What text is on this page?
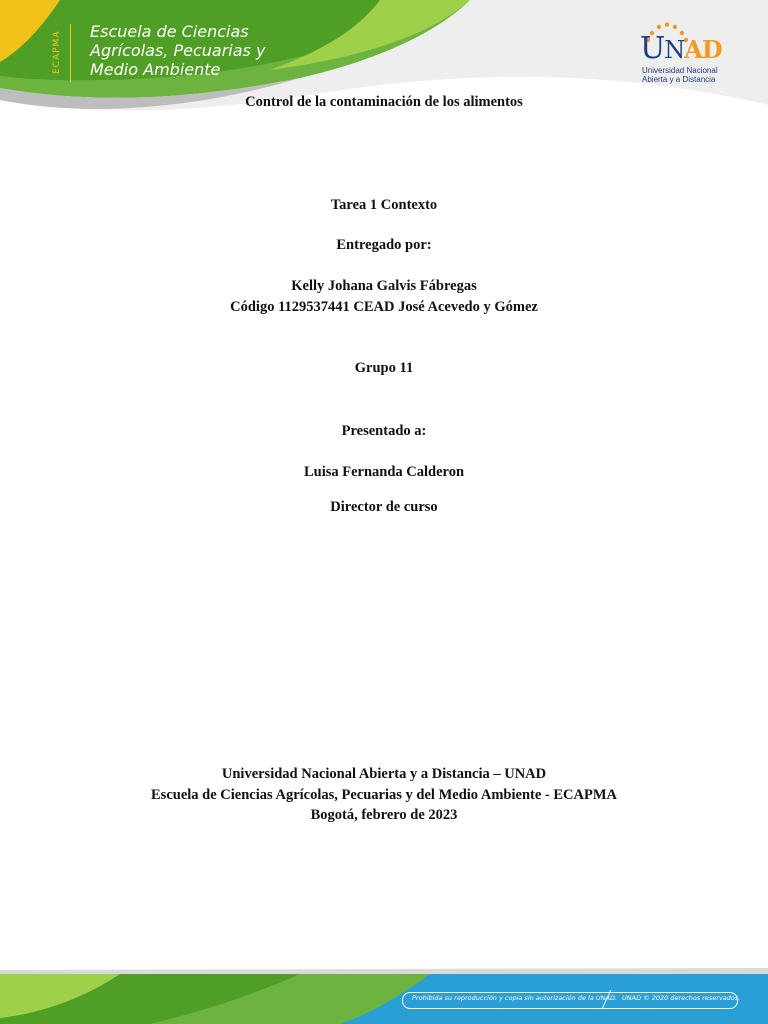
ECAPMA Escuela de Ciencias
Agrícolas, Pecuarias y
Medio Ambiente
UNAD
Universidad Nacional
Abierta y a Distancia
Control de la contaminación de los alimentos
Tarea 1 Contexto
Entregado por:
Kelly Johana Galvis Fábregas
Código 1129537441 CEAD José Acevedo y Gómez
Grupo 11
Presentado a:
Luisa Fernanda Calderon
Director de curso
Universidad Nacional Abierta y a Distancia – UNAD
Escuela de Ciencias Agrícolas, Pecuarias y del Medio Ambiente - ECAPMA
Bogotá, febrero de 2023
Prohibida su reproducción y copia sin autorización de la UNAD. UNAD © 2020 derechos reservados.
